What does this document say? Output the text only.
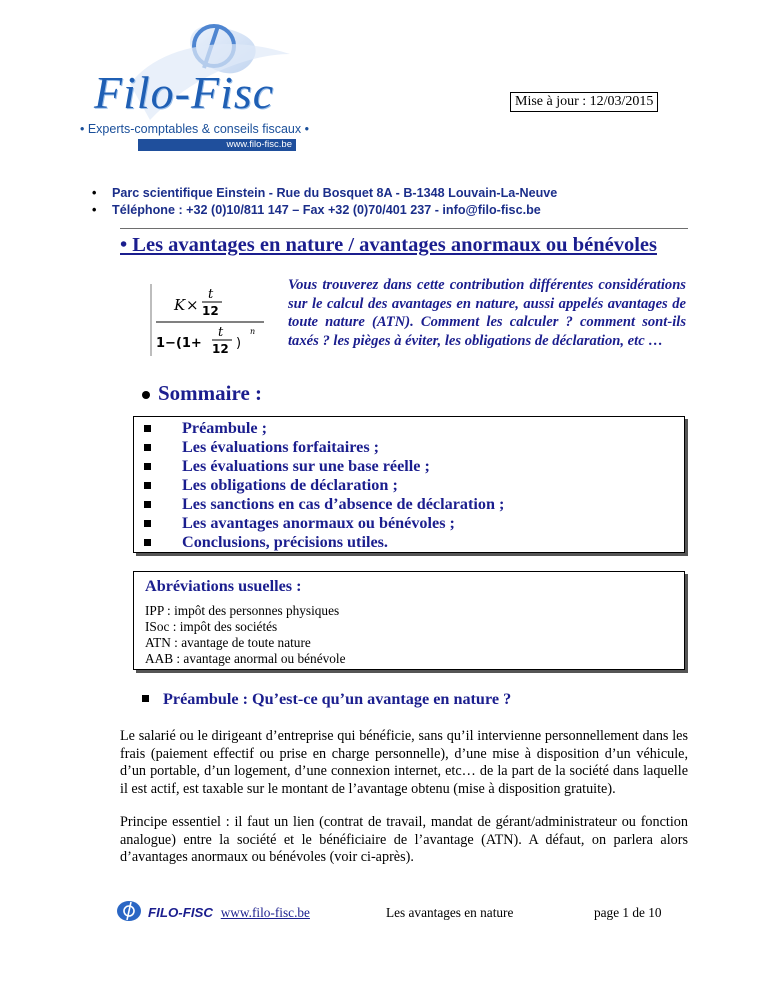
Filo-Fisc
• Experts-comptables & conseils fiscaux •
www.filo-fisc.be
Mise à jour : 12/03/2015
• Parc scientifique Einstein - Rue du Bosquet 8A - B-1348 Louvain-La-Neuve
• Téléphone : +32 (0)10/811 147 – Fax +32 (0)70/401 237 - info@filo-fisc.be
• Les avantages en nature / avantages anormaux ou bénévoles
K ×
t
12
1−(1+
t
12 )
n
Vous trouverez dans cette contribution différentes considérations sur le calcul des avantages en nature, aussi appelés avantages de toute nature (ATN). Comment les calculer ? comment sont-ils taxés ? les pièges à éviter, les obligations de déclaration, etc …
Sommaire :
Préambule ;
Les évaluations forfaitaires ;
Les évaluations sur une base réelle ;
Les obligations de déclaration ;
Les sanctions en cas d’absence de déclaration ;
Les avantages anormaux ou bénévoles ;
Conclusions, précisions utiles.
Abréviations usuelles :
IPP : impôt des personnes physiques
ISoc : impôt des sociétés
ATN : avantage de toute nature
AAB : avantage anormal ou bénévole
Préambule : Qu’est-ce qu’un avantage en nature ?
Le salarié ou le dirigeant d’entreprise qui bénéficie, sans qu’il intervienne personnellement dans les frais (paiement effectif ou prise en charge personnelle), d’une mise à disposition d’un véhicule, d’un portable, d’un logement, d’une connexion internet, etc… de la part de la société dans laquelle il est actif, est taxable sur le montant de l’avantage obtenu (mise à disposition gratuite).
Principe essentiel : il faut un lien (contrat de travail, mandat de gérant/administrateur ou fonction analogue) entre la société et le bénéficiaire de l’avantage (ATN). A défaut, on parlera alors d’avantages anormaux ou bénévoles (voir ci-après).
FILO-FISC www.filo-fisc.be	Les avantages en nature	page 1 de 10
